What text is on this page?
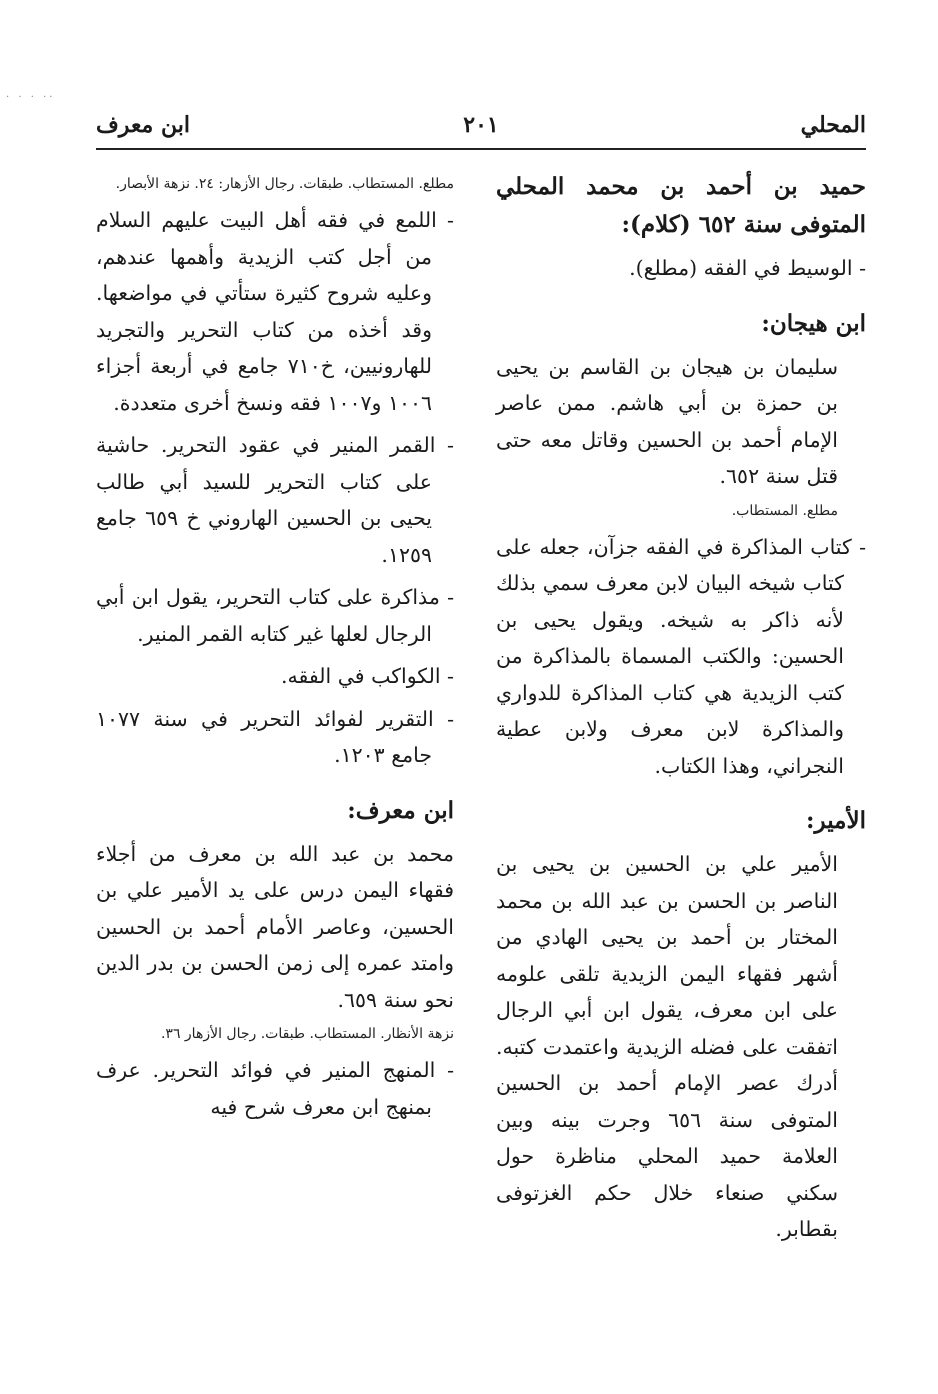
·· · · ·
المحلي
٢٠١
ابن معرف

حميد بن أحمد بن محمد المحلي المتوفى سنة ٦٥٢ (كلام):

- الوسيط في الفقه (مطلع).

ابن هيجان:

سليمان بن هيجان بن القاسم بن يحيى بن حمزة بن أبي هاشم. ممن عاصر الإمام أحمد بن الحسين وقاتل معه حتى قتل سنة ٦٥٢.

مطلع. المستطاب.

- كتاب المذاكرة في الفقه جزآن، جعله على كتاب شيخه البيان لابن معرف سمي بذلك لأنه ذاكر به شيخه. ويقول يحيى بن الحسين: والكتب المسماة بالمذاكرة من كتب الزيدية هي كتاب المذاكرة للدواري والمذاكرة لابن معرف ولابن عطية النجراني، وهذا الكتاب.

الأمير:

الأمير علي بن الحسين بن يحيى بن الناصر بن الحسن بن عبد الله بن محمد المختار بن أحمد بن يحيى الهادي من أشهر فقهاء اليمن الزيدية تلقى علومه على ابن معرف، يقول ابن أبي الرجال اتفقت على فضله الزيدية واعتمدت كتبه. أدرك عصر الإمام أحمد بن الحسين المتوفى سنة ٦٥٦ وجرت بينه وبين العلامة حميد المحلي مناظرة حول سكني صنعاء خلال حكم الغزتوفى بقطابر.

مطلع. المستطاب. طبقات. رجال الأزهار: ٢٤. نزهة الأبصار.

- اللمع في فقه أهل البيت عليهم السلام من أجل كتب الزيدية وأهمها عندهم، وعليه شروح كثيرة ستأتي في مواضعها. وقد أخذه من كتاب التحرير والتجريد للهارونيين، خ٧١٠ جامع في أربعة أجزاء ١٠٠٦ و١٠٠٧ فقه ونسخ أخرى متعددة.

- القمر المنير في عقود التحرير. حاشية على كتاب التحرير للسيد أبي طالب يحيى بن الحسين الهاروني خ ٦٥٩ جامع ١٢٥٩.

- مذاكرة على كتاب التحرير، يقول ابن أبي الرجال لعلها غير كتابه القمر المنير.

- الكواكب في الفقه.

- التقرير لفوائد التحرير في سنة ١٠٧٧ جامع ١٢٠٣.

ابن معرف:

محمد بن عبد الله بن معرف من أجلاء فقهاء اليمن درس على يد الأمير علي بن الحسين، وعاصر الأمام أحمد بن الحسين وامتد عمره إلى زمن الحسن بن بدر الدين نحو سنة ٦٥٩.

نزهة الأنظار. المستطاب. طبقات. رجال الأزهار ٣٦.

- المنهج المنير في فوائد التحرير. عرف بمنهج ابن معرف شرح فيه
